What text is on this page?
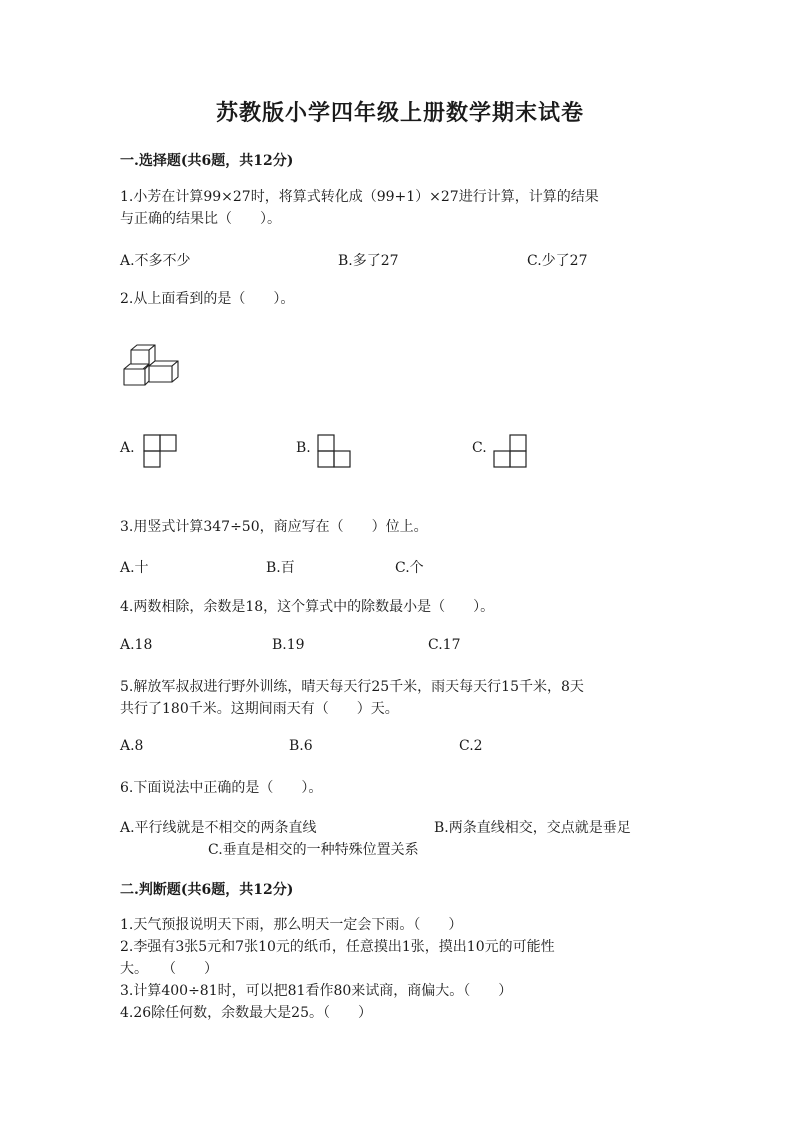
苏教版小学四年级上册数学期末试卷
一.选择题(共6题，共12分)
1.小芳在计算99×27时，将算式转化成（99+1）×27进行计算，计算的结果
与正确的结果比（　　）。
A.不多不少	B.多了27	C.少了27
2.从上面看到的是（　　）。
A.	B.	C.
3.用竖式计算347÷50，商应写在（　　）位上。
A.十	B.百	C.个
4.两数相除，余数是18，这个算式中的除数最小是（　　）。
A.18	B.19	C.17
5.解放军叔叔进行野外训练，晴天每天行25千米，雨天每天行15千米，8天
共行了180千米。这期间雨天有（　　）天。
A.8	B.6	C.2
6.下面说法中正确的是（　　）。
A.平行线就是不相交的两条直线	B.两条直线相交，交点就是垂足
C.垂直是相交的一种特殊位置关系
二.判断题(共6题，共12分)
1.天气预报说明天下雨，那么明天一定会下雨。（　　）
2.李强有3张5元和7张10元的纸币，任意摸出1张，摸出10元的可能性
大。　　（　　）
3.计算400÷81时，可以把81看作80来试商，商偏大。（　　）
4.26除任何数，余数最大是25。（　　）
